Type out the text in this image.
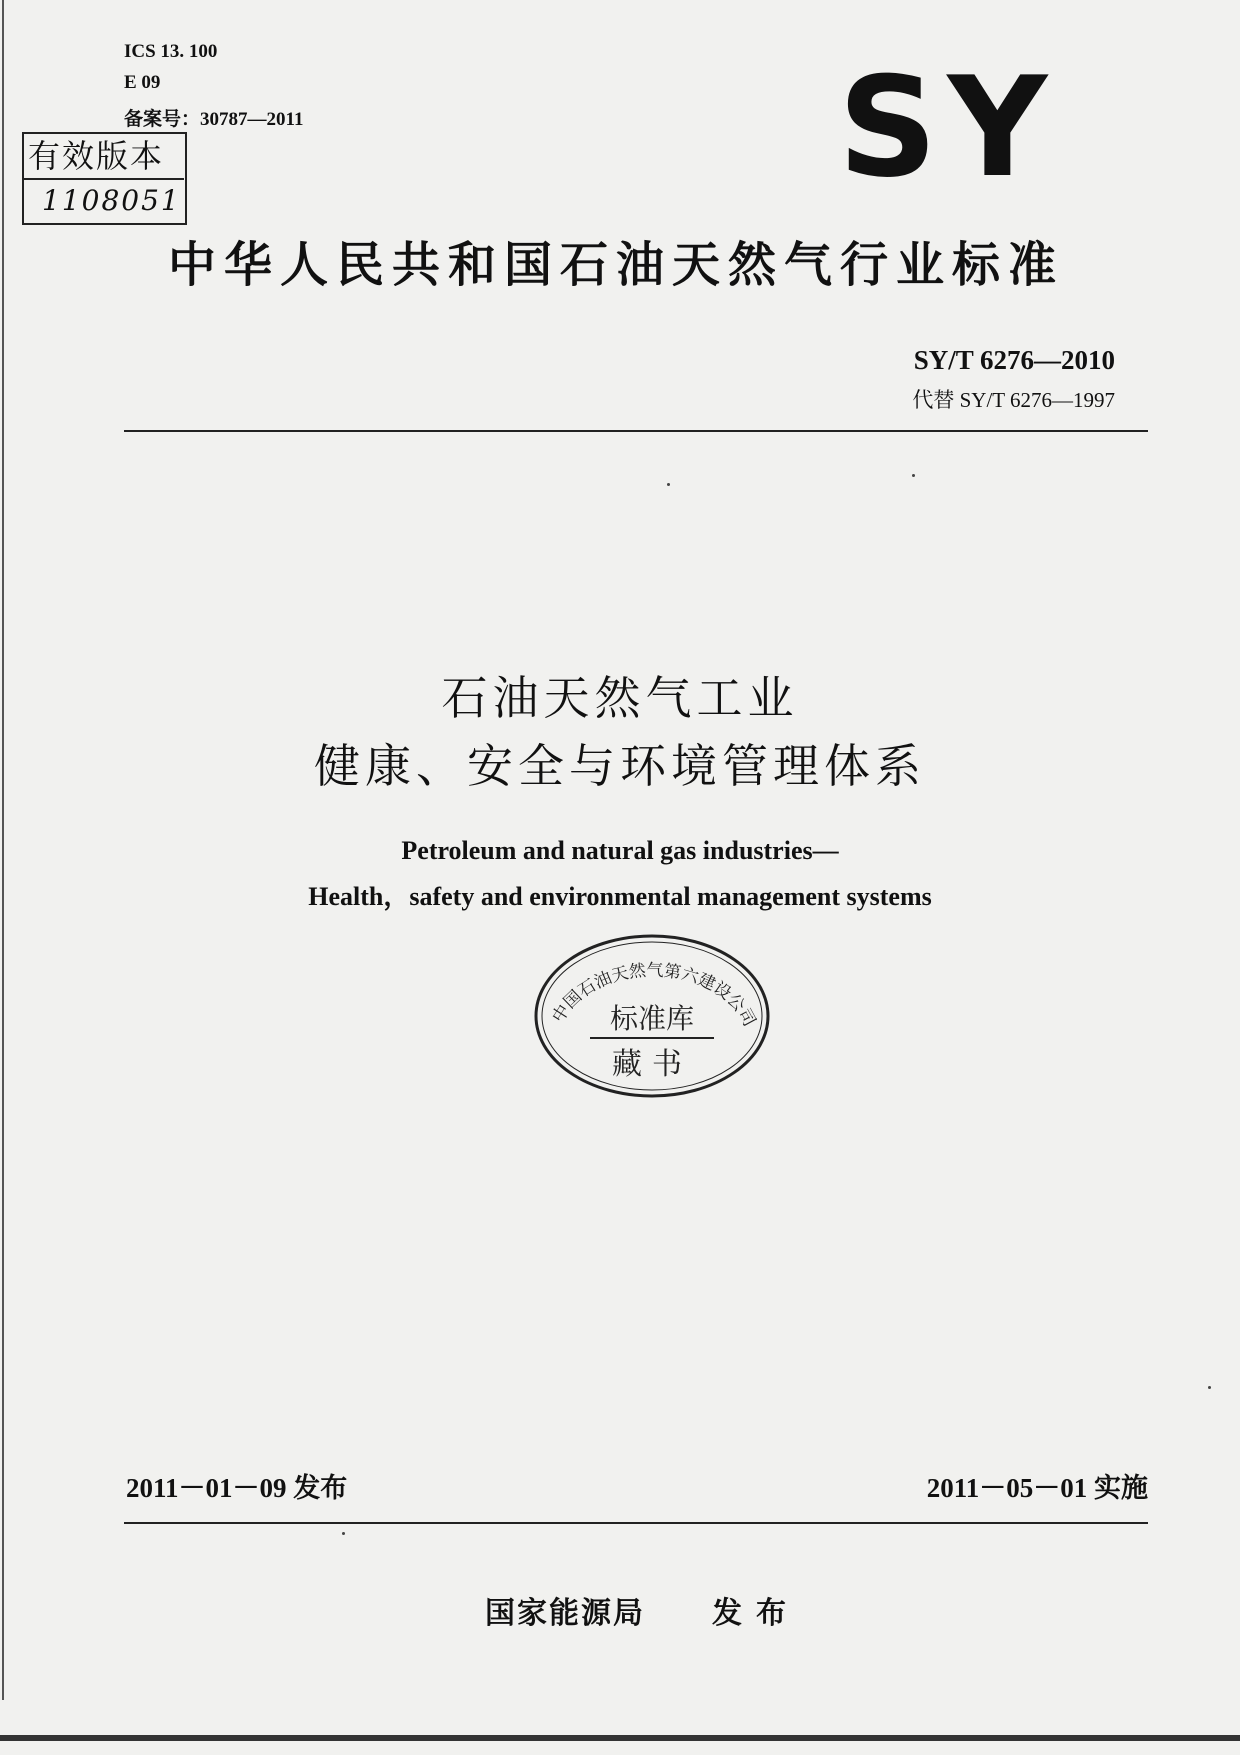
ICS 13. 100
E 09
备案号：30787—2011
有效版本
1108051	SY
中华人民共和国石油天然气行业标准
SY/T 6276—2010
代替 SY/T 6276—1997
石油天然气工业
健康、安全与环境管理体系
Petroleum and natural gas industries—
Health，safety and environmental management systems
中国石油天然气第六建设公司
标准库
藏书
2011－01－09 发布	2011－05－01 实施
国家能源局 发布
